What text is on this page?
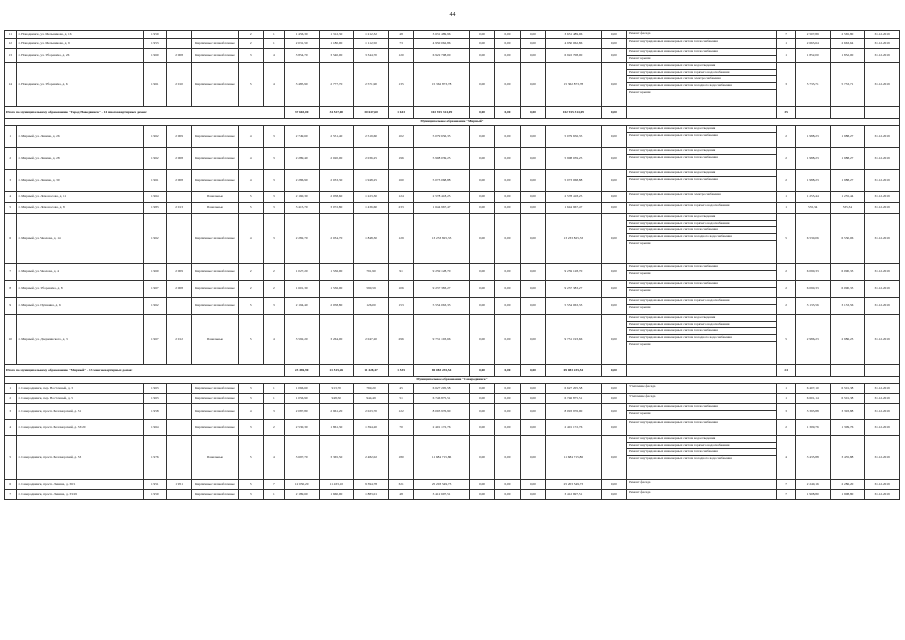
44
11	г. Новодвинск, ул. Мельникова, д. 16	1 959			2	1	1 456,30	1 312,30	1 212,32	48	3 631 489,96	0,00	0,00	0,00	3 631 489,96	0,00	Ремонт фасада	7	2 507,89	2 565,80	31.12.2019
12	г. Новодвинск, ул. Мельникова, д. 9	1 953		Кирпичные/ шлакоблочные	2	1	2 031,50	1 180,90	1 112,50	73	4 950 062,86	0,00	0,00	0,00	4 950 062,86	0,00	Ремонт внутридомовых инженерных систем теплоснабжения	1	2 663,64	2 663,64	31.12.2019
13	г. Новодвинск, ул. Уборевича, д. 26	1 960	2 008	Кирпичные/ шлакоблочные	3	4	3 854,70	3 540,00	3 344,70	120	6 922 708,00	0,00	0,00	0,00	6 922 708,00	0,00	Ремонт внутридомовых инженерных систем теплоснабжения
Ремонт крыши	1	1 852,00	1 852,00	31.12.2019
14	г. Новодвинск, ул. Уборевича, д. 6	1 961	2 010	Кирпичные/ шлакоблочные	5	4	3 485,90	2 777,70	2 571,90	135	15 362 873,78	0,00	0,00	0,00	15 362 873,78	0,00	Ремонт внутридомовых инженерных систем водоотведения
Ремонт внутридомовых инженерных систем горячего водоснабжения
Ремонт внутридомовых инженерных систем электроснабжения
Ремонт внутридомовых инженерных систем холодного водоснабжения
Ремонт крыши	3	5 733,71	5 733,71	31.12.2019
Итого по муниципальному образованию "Город Новодвинск" - 14 многоквартирных домов:							37 665,00	34 527,00	30 647,60	1 643	102 915 314,09	0,00	0,00	0,00	102 915 314,09	0,00		35			
Муниципальное образование "Мирный"																					
1	г. Мирный, ул. Ленина, д. 26	1 962	2 009	Кирпичные/ шлакоблочные	4	3	2 749,60	2 551,40	2 519,60	102	5 079 656,35	0,00	0,00	0,00	5 079 656,35	0,00	Ремонт внутридомовых инженерных систем водоотведения
Ремонт внутридомовых инженерных систем теплоснабжения	2	1 988,23	1 988,27	31.12.2019
2	г. Мирный, ул. Ленина, д. 28	1 962	2 008	Кирпичные/ шлакоблочные	4	3	2 289,40	2 020,00	2 036,25	196	5 908 039,25	0,00	0,00	0,00	5 908 039,25	0,00	Ремонт внутридомовых инженерных систем водоотведения
Ремонт внутридомовых инженерных систем теплоснабжения	2	1 988,23	1 988,27	31.12.2019
3	г. Мирный, ул. Ленина, д. 30	1 961	2 008	Кирпичные/ шлакоблочные	4	3	2 286,90	2 033,30	1 948,25	160	5 073 068,88	0,00	0,00	0,00	5 073 068,88	0,00	Ремонт внутридомовых инженерных систем водоотведения
Ремонт внутридомовых инженерных систем теплоснабжения	2	1 988,23	1 988,27	31.12.2019
4	г. Мирный, ул. Ломоносова, д. 11	1 964		Панельные	5	3	2 160,30	2 058,60	1 223,30	124	2 578 418,25	0,00	0,00	0,00	2 578 418,25	0,00	Ремонт внутридомовых инженерных систем электроснабжения	1	1 255,44	1 255,44	31.12.2019
5	г. Мирный, ул. Ломоносова, д. 8	1 983	2 013	Панельные	5	3	3 415,70	3 072,80	1 436,60	233	1 644 967,47	0,00	0,00	0,00	1 644 967,47	0,00	Ремонт внутридомовых инженерных систем горячего водоснабжения	1	535,34	535,34	31.12.2019
6	г. Мирный, ул. Чкалова, д. 14	1 962		Кирпичные/ шлакоблочные	4	3	2 282,70	2 034,70	1 848,30	129	13 233 825,33	0,00	0,00	0,00	13 233 825,33	0,00	Ремонт внутридомовых инженерных систем водоотведения
Ремонт внутридомовых инженерных систем горячего водоснабжения
Ремонт внутридомовых инженерных систем теплоснабжения
Ремонт внутридомовых инженерных систем холодного водоснабжения
Ремонт крыши	5	6 530,06	6 530,06	31.12.2019
7	г. Мирный, ул. Чкалова, д. 4	1 960	2 009	Кирпичные/ шлакоблочные	2	2	1 027,20	1 536,90	791,90	91	9 259 128,70	0,00	0,00	0,00	9 259 128,70	0,00	Ремонт внутридомовых инженерных систем теплоснабжения
Ремонт крыши	2	6 090,33	6 090,33	31.12.2019
8	г. Мирный, ул. Уборевича, д. 8	1 967	2 008	Кирпичные/ шлакоблочные	2	2	1 601,30	1 536,90	590,59	106	9 237 383,27	0,00	0,00	0,00	9 237 383,27	0,00	Ремонт внутридомовых инженерных систем теплоснабжения
Ремонт крыши	2	6 090,33	6 090,33	31.12.2019
9	г. Мирный, ул. Пушкина, д. 6	1 962		Кирпичные/ шлакоблочные	5	3	2 194,40	2 058,80	126,00	153	5 554 063,33	0,00	0,00	0,00	5 554 063,33	0,00	Ремонт внутридомовых инженерных систем горячего водоснабжения
Ремонт крыши	2	3 133,56	3 133,56	31.12.2019
10	г. Мирный, ул. Дзержинского, д. 3	1 967	2 012	Панельные	5	4	3 592,20	3 264,00	2 047,20	296	9 731 193,66	0,00	0,00	0,00	9 731 193,66	0,00	Ремонт внутридомовых инженерных систем водоотведения
Ремонт внутридомовых инженерных систем горячего водоснабжения
Ремонт внутридомовых инженерных систем теплоснабжения
Ремонт внутридомовых инженерных систем холодного водоснабжения
Ремонт крыши	5	2 986,23	2 986,23	31.12.2019
Итого по муниципальному образованию "Мирный" - 13 многоквартирных домов:							23 496,90	21 515,26	11 428,47	1 535	69 083 235,54	0,00	0,00	0,00	69 083 235,54	0,00		24			
Муниципальное образование "Северодвинск"																					
1	г. Северодвинск, пер. Восточный, д. 3	1 963		Кирпичные/ шлакоблочные	3	1	1 066,60	913,70	769,20	45	6 627 205,58	0,00	0,00	0,00	6 627 205,58	0,00	Утепление фасада	1	6 407,10	6 501,38	31.12.2019
2	г. Северодвинск, пер. Восточный, д. 5	1 963		Кирпичные/ шлакоблочные	3	1	1 056,90	948,50	944,49	51	6 746 875,51	0,00	0,00	0,00	6 746 875,51	0,00	Утепление фасада	1	6 601,14	6 501,38	31.12.2019
3	г. Северодвинск, просп. Беломорский, д. 31	1 958		Кирпичные/ шлакоблочные	4	3	2 087,80	2 961,20	2 023,70	122	8 093 976,90	0,00	0,00	0,00	8 093 976,90	0,00	Ремонт внутридомовых инженерных систем теплоснабжения
Ремонт крыши	3	3 393,88	3 393,88	31.12.2019
4	г. Северодвинск, просп. Беломорский, д. 33/20	1 964		Кирпичные/ шлакоблочные	3	2	2 530,30	1 861,30	1 394,20	70	2 401 172,76	0,00	0,00	0,00	2 401 172,76	0,00	Ремонт внутридомовых инженерных систем теплоснабжения	2	1 309,76	1 309,76	31.12.2019
5	г. Северодвинск, просп. Беломорский, д. 53	1 976		Панельные	5	4	3 697,70	3 365,50	2 482,02	180	11 684 715,86	0,00	0,00	0,00	11 684 715,86	0,00	Ремонт внутридомовых инженерных систем водоотведения
Ремонт внутридомовых инженерных систем горячего водоснабжения
Ремонт внутридомовых инженерных систем теплоснабжения
Ремонт внутридомовых инженерных систем холодного водоснабжения	4	3 435,88	3 435,88	31.12.2019
6	г. Северодвинск, просп. Ленина, д. 30/1	1 951	1 951	Кирпичные/ шлакоблочные	5	7	12 030,20	11 433,10	9 394,78	321	25 203 549,73	0,00	0,00	0,00	25 203 549,73	0,00	Ремонт фасада	7	2 240,16	2 286,20	31.12.2019
7	г. Северодвинск, просп. Ленина, д. 33/45	1 950		Кирпичные/ шлакоблочные	3	1	2 189,60	1 660,90	1 883,01	48	3 412 697,51	0,00	0,00	0,00	3 412 697,51	0,00	Ремонт фасада	7	1 908,80	1 908,80	31.12.2019
